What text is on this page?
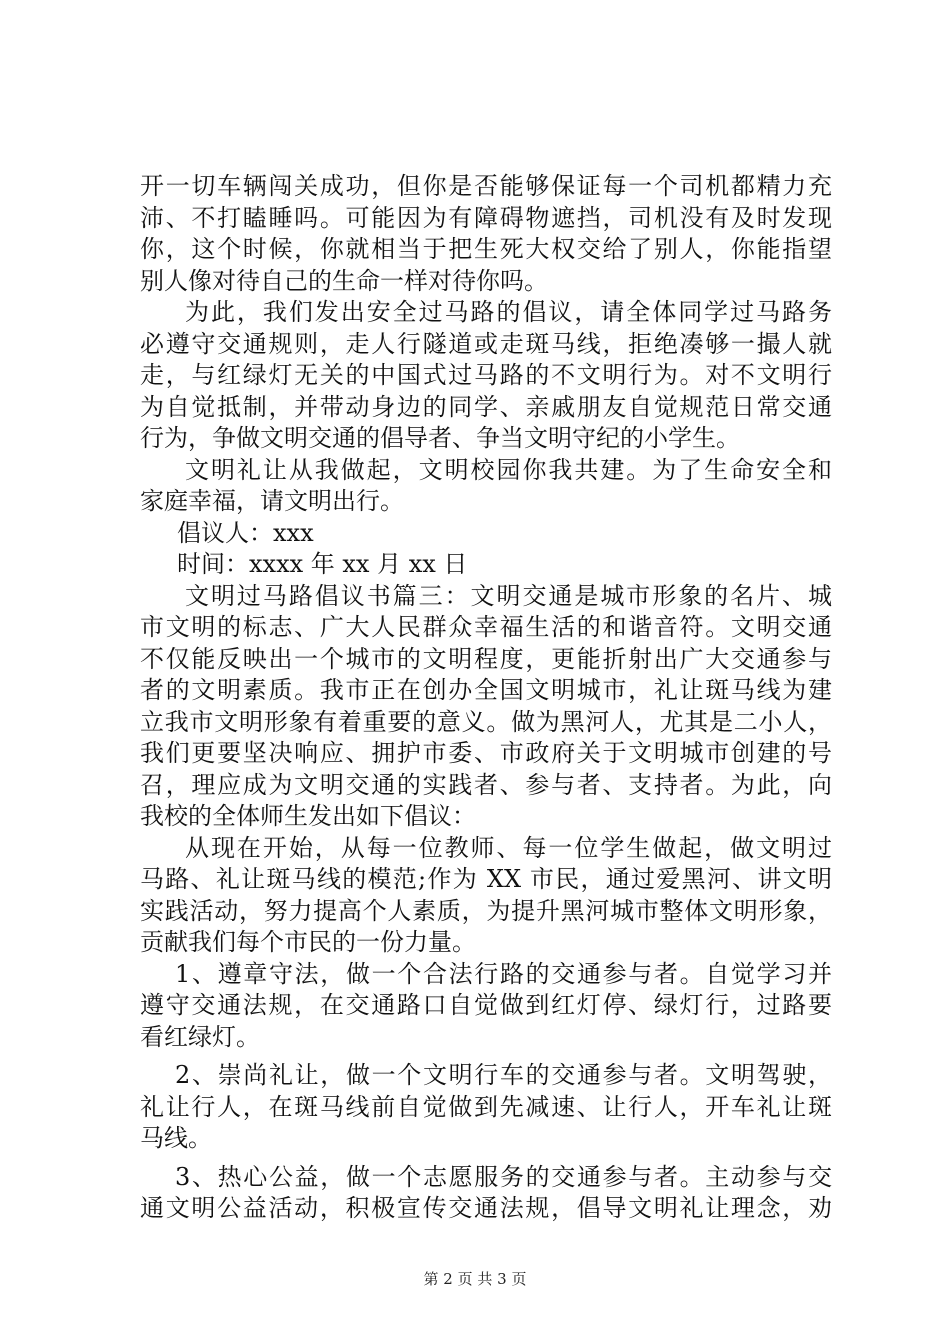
开一切车辆闯关成功，但你是否能够保证每一个司机都精力充
沛、不打瞌睡吗。可能因为有障碍物遮挡，司机没有及时发现
你，这个时候，你就相当于把生死大权交给了别人，你能指望
别人像对待自己的生命一样对待你吗。
为此，我们发出安全过马路的倡议，请全体同学过马路务
必遵守交通规则，走人行隧道或走斑马线，拒绝凑够一撮人就
走，与红绿灯无关的中国式过马路的不文明行为。对不文明行
为自觉抵制，并带动身边的同学、亲戚朋友自觉规范日常交通
行为，争做文明交通的倡导者、争当文明守纪的小学生。
文明礼让从我做起，文明校园你我共建。为了生命安全和
家庭幸福，请文明出行。
倡议人：xxx
时间：xxxx 年 xx 月 xx 日
文明过马路倡议书篇三：文明交通是城市形象的名片、城
市文明的标志、广大人民群众幸福生活的和谐音符。文明交通
不仅能反映出一个城市的文明程度，更能折射出广大交通参与
者的文明素质。我市正在创办全国文明城市，礼让斑马线为建
立我市文明形象有着重要的意义。做为黑河人，尤其是二小人，
我们更要坚决响应、拥护市委、市政府关于文明城市创建的号
召，理应成为文明交通的实践者、参与者、支持者。为此，向
我校的全体师生发出如下倡议：
从现在开始，从每一位教师、每一位学生做起，做文明过
马路、礼让斑马线的模范;作为 XX 市民，通过爱黑河、讲文明
实践活动，努力提高个人素质，为提升黑河城市整体文明形象，
贡献我们每个市民的一份力量。
1、遵章守法，做一个合法行路的交通参与者。自觉学习并
遵守交通法规，在交通路口自觉做到红灯停、绿灯行，过路要
看红绿灯。
2、崇尚礼让，做一个文明行车的交通参与者。文明驾驶，
礼让行人，在斑马线前自觉做到先减速、让行人，开车礼让斑
马线。
3、热心公益，做一个志愿服务的交通参与者。主动参与交
通文明公益活动，积极宣传交通法规，倡导文明礼让理念，劝
第 2 页 共 3 页
